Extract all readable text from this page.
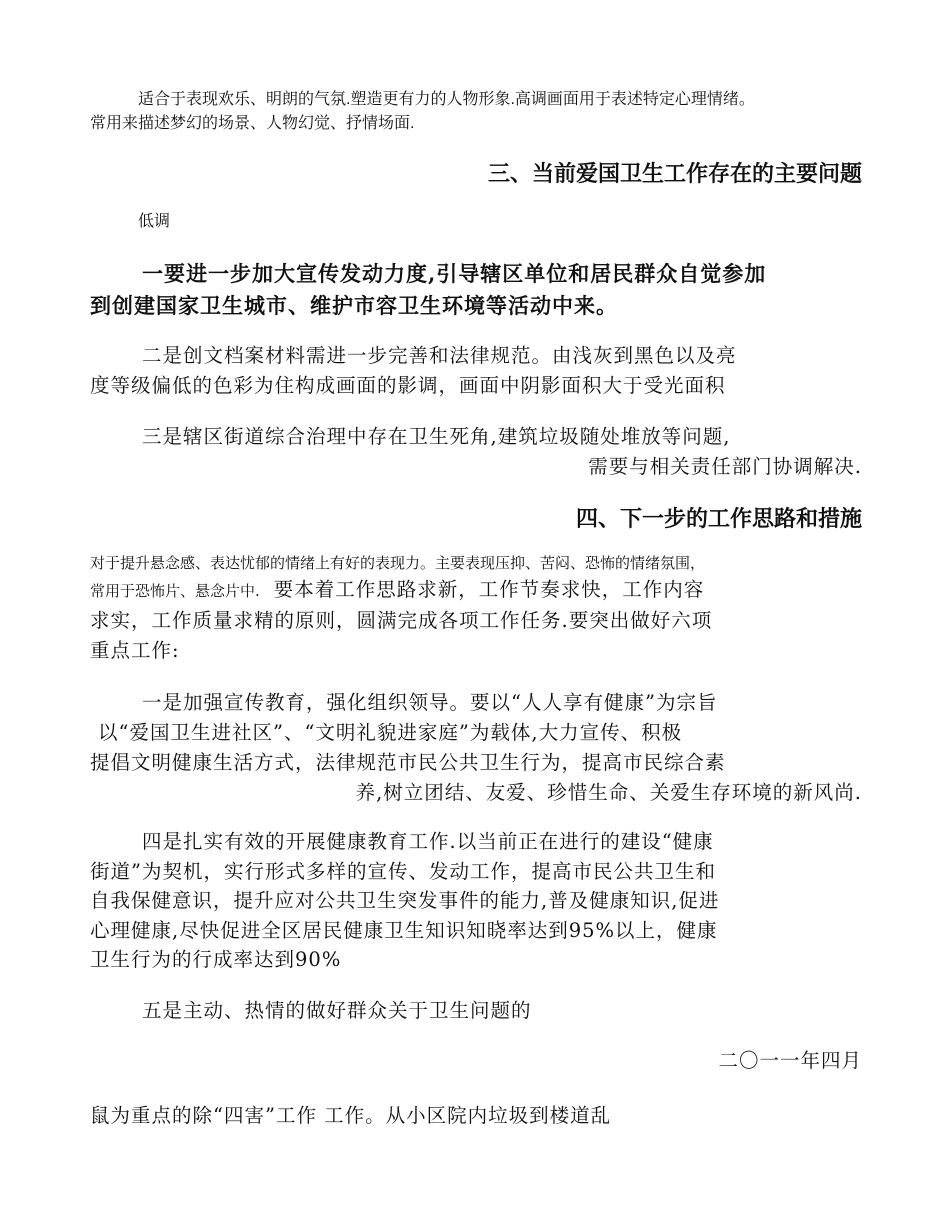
适合于表现欢乐、明朗的气氛.塑造更有力的人物形象.高调画面用于表述特定心理情绪。
常用来描述梦幻的场景、人物幻觉、抒情场面.

三、当前爱国卫生工作存在的主要问题

低调

一要进一步加大宣传发动力度,引导辖区单位和居民群众自觉参加
到创建国家卫生城市、维护市容卫生环境等活动中来。

二是创文档案材料需进一步完善和法律规范。由浅灰到黑色以及亮
度等级偏低的色彩为住构成画面的影调，画面中阴影面积大于受光面积

三是辖区街道综合治理中存在卫生死角,建筑垃圾随处堆放等问题,
需要与相关责任部门协调解决.

四、下一步的工作思路和措施

对于提升悬念感、表达忧郁的情绪上有好的表现力。主要表现压抑、苦闷、恐怖的情绪氛围，
常用于恐怖片、悬念片中. 要本着工作思路求新，工作节奏求快，工作内容
求实，工作质量求精的原则，圆满完成各项工作任务.要突出做好六项
重点工作:

一是加强宣传教育，强化组织领导。要以“人人享有健康”为宗旨
以“爱国卫生进社区”、“文明礼貌进家庭”为载体,大力宣传、积极
提倡文明健康生活方式，法律规范市民公共卫生行为，提高市民综合素
养,树立团结、友爱、珍惜生命、关爱生存环境的新风尚.

四是扎实有效的开展健康教育工作.以当前正在进行的建设“健康
街道”为契机，实行形式多样的宣传、发动工作，提高市民公共卫生和
自我保健意识，提升应对公共卫生突发事件的能力,普及健康知识,促进
心理健康,尽快促进全区居民健康卫生知识知晓率达到95%以上，健康
卫生行为的行成率达到90%

五是主动、热情的做好群众关于卫生问题的

二〇一一年四月

鼠为重点的除“四害”工作 工作。从小区院内垃圾到楼道乱
